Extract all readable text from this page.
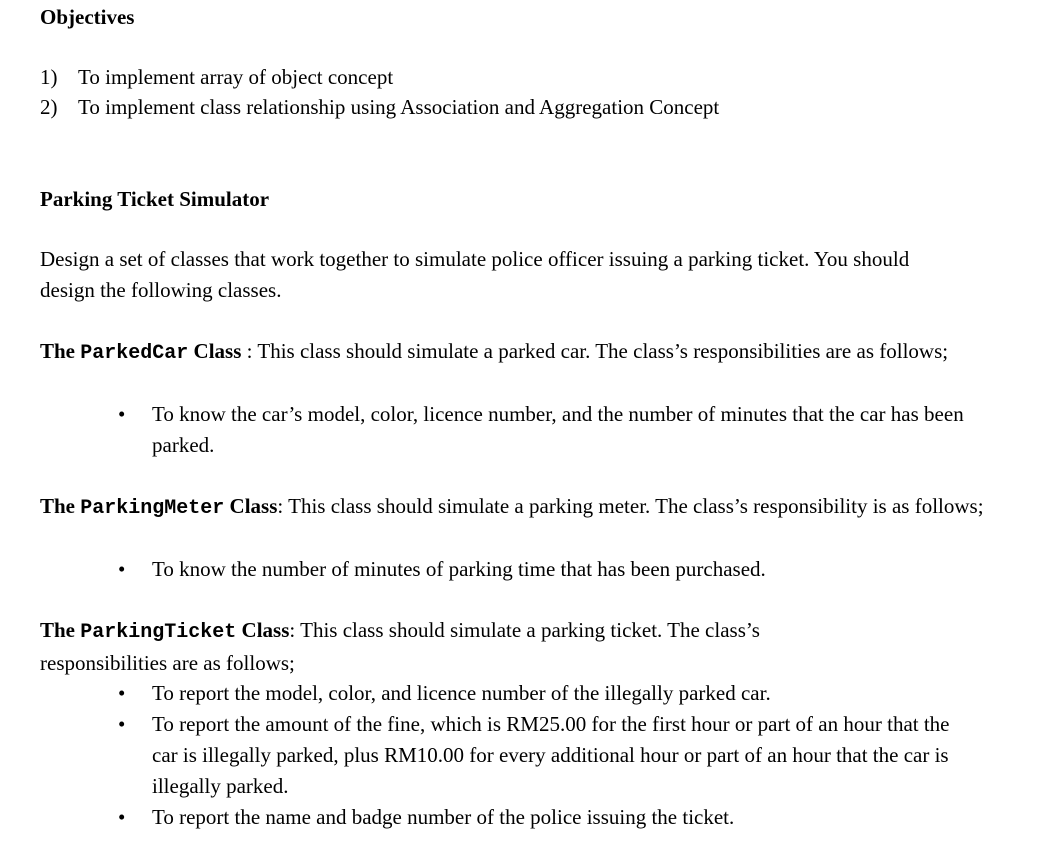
Objectives
1) To implement array of object concept
2) To implement class relationship using Association and Aggregation Concept
Parking Ticket Simulator
Design a set of classes that work together to simulate police officer issuing a parking ticket. You should design the following classes.
The ParkedCar Class : This class should simulate a parked car. The class’s responsibilities are as follows;
• To know the car’s model, color, licence number, and the number of minutes that the car has been parked.
The ParkingMeter Class: This class should simulate a parking meter. The class’s responsibility is as follows;
• To know the number of minutes of parking time that has been purchased.
The ParkingTicket Class: This class should simulate a parking ticket. The class’s responsibilities are as follows;
• To report the model, color, and licence number of the illegally parked car.
• To report the amount of the fine, which is RM25.00 for the first hour or part of an hour that the car is illegally parked, plus RM10.00 for every additional hour or part of an hour that the car is illegally parked.
• To report the name and badge number of the police issuing the ticket.
